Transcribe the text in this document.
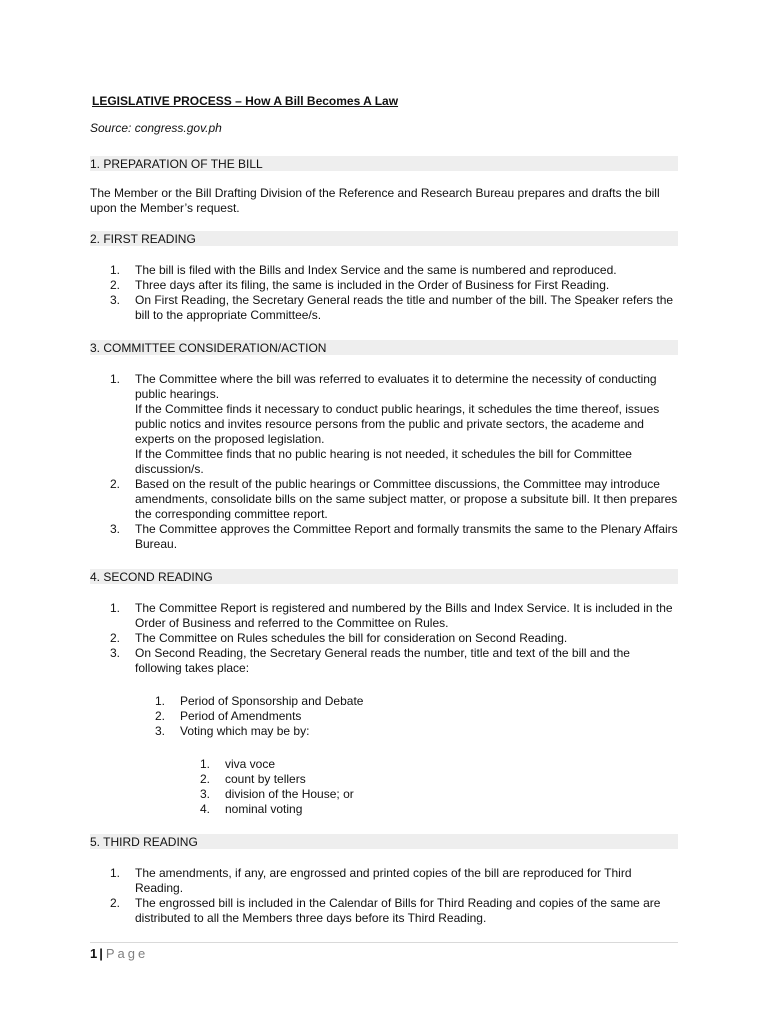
LEGISLATIVE PROCESS – How A Bill Becomes A Law
Source: congress.gov.ph
1. PREPARATION OF THE BILL
The Member or the Bill Drafting Division of the Reference and Research Bureau prepares and drafts the bill upon the Member’s request.
2. FIRST READING
1.	The bill is filed with the Bills and Index Service and the same is numbered and reproduced.
2.	Three days after its filing, the same is included in the Order of Business for First Reading.
3.	On First Reading, the Secretary General reads the title and number of the bill. The Speaker refers the bill to the appropriate Committee/s.
3. COMMITTEE CONSIDERATION/ACTION
1.	The Committee where the bill was referred to evaluates it to determine the necessity of conducting public hearings.
If the Committee finds it necessary to conduct public hearings, it schedules the time thereof, issues public notics and invites resource persons from the public and private sectors, the academe and experts on the proposed legislation.
If the Committee finds that no public hearing is not needed, it schedules the bill for Committee discussion/s.
2.	Based on the result of the public hearings or Committee discussions, the Committee may introduce amendments, consolidate bills on the same subject matter, or propose a subsitute bill. It then prepares the corresponding committee report.
3.	The Committee approves the Committee Report and formally transmits the same to the Plenary Affairs Bureau.
4. SECOND READING
1.	The Committee Report is registered and numbered by the Bills and Index Service. It is included in the Order of Business and referred to the Committee on Rules.
2.	The Committee on Rules schedules the bill for consideration on Second Reading.
3.	On Second Reading, the Secretary General reads the number, title and text of the bill and the following takes place:
1.	Period of Sponsorship and Debate
2.	Period of Amendments
3.	Voting which may be by:
1.	viva voce
2.	count by tellers
3.	division of the House; or
4.	nominal voting
5. THIRD READING
1.	The amendments, if any, are engrossed and printed copies of the bill are reproduced for Third Reading.
2.	The engrossed bill is included in the Calendar of Bills for Third Reading and copies of the same are distributed to all the Members three days before its Third Reading.
1 | Page
